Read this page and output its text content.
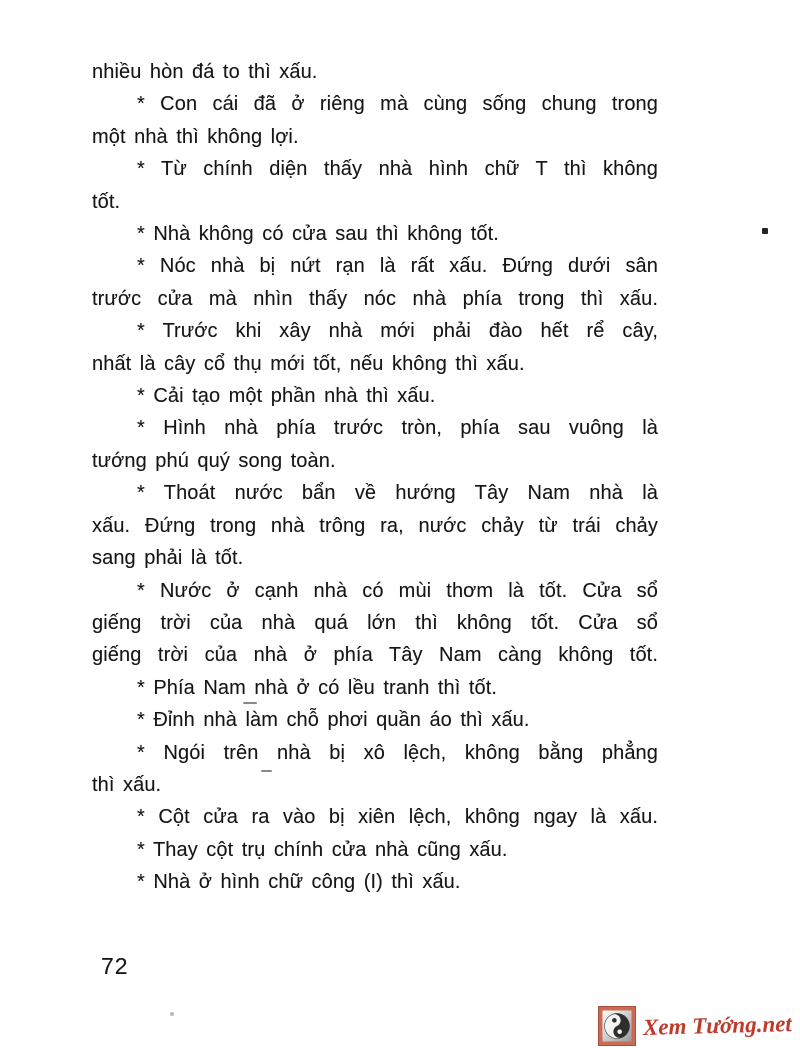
nhiều hòn đá to thì xấu.
* Con cái đã ở riêng mà cùng sống chung trong
một nhà thì không lợi.
* Từ chính diện thấy nhà hình chữ T thì không
tốt.
* Nhà không có cửa sau thì không tốt.
* Nóc nhà bị nứt rạn là rất xấu. Đứng dưới sân
trước cửa mà nhìn thấy nóc nhà phía trong thì xấu.
* Trước khi xây nhà mới phải đào hết rể cây,
nhất là cây cổ thụ mới tốt, nếu không thì xấu.
* Cải tạo một phần nhà thì xấu.
* Hình nhà phía trước tròn, phía sau vuông là
tướng phú quý song toàn.
* Thoát nước bẩn về hướng Tây Nam nhà là
xấu. Đứng trong nhà trông ra, nước chảy từ trái chảy
sang phải là tốt.
* Nước ở cạnh nhà có mùi thơm là tốt. Cửa sổ
giếng trời của nhà quá lớn thì không tốt. Cửa sổ
giếng trời của nhà ở phía Tây Nam càng không tốt.
* Phía Nam nhà ở có lều tranh thì tốt.
* Đỉnh nhà làm chỗ phơi quần áo thì xấu.
* Ngói trên nhà bị xô lệch, không bằng phẳng
thì xấu.
* Cột cửa ra vào bị xiên lệch, không ngay là xấu.
* Thay cột trụ chính cửa nhà cũng xấu.
* Nhà ở hình chữ công (I) thì xấu.
72
Xem Tướng.net
